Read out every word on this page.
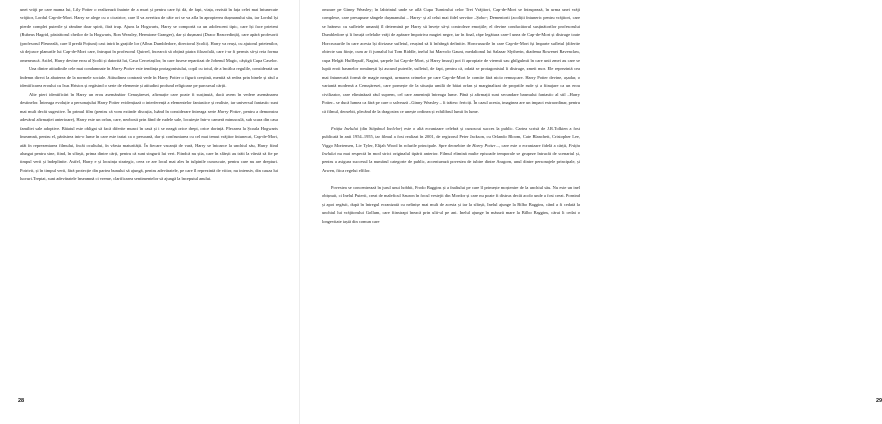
unei vrăji pe care mama lui, Lily Potter o realizează înainte de a muri și pentru care își dă, de fapt, viața, rezistă în fața celei mai întunecate vrăjitor, Lordul Cap-de-Mort. Harry se alege cu o cicatrice, care îl va avertiza de câte ori se va afla în apropierea dușmanului său, iar Lordul își pierde complet puterile și rămâne doar spirit, fără trup. Ajuns la Hogwarts, Harry se comportă ca un adolescent tipic, care își face prieteni (Rubeus Hagrid, păstrătorul cheilor de la Hogwarts, Ron Weasley, Hermione Granger), dar și dușmani (Draco Reacredință), care apără profesorii (profesorul Plesneală, care îl predă Poțiuni) casi intră în grațiile lor (Albus Dumbledore, directorul Școlii). Harry va reuși, cu ajutorul prietenilor, să dejoace planurile lui Cap-de-Mort care, întrupat în profesorul Quirrel, încearcă să obțină piatra filozofală, care i-ar fi permis să-și reia forma omenească. Astfel, Harry devine erou al Școlii și datorită lui, Casa Cercetașilor, în care fusese repartizat de Jobenul Magic, câștigă Cupa Caselor.

Una dintre atitudinile cele mai condamnate în Harry Potter este tendința protagonistului, copil cu totul, de a încălca regulile, considerată un îndemn direct la abaterea de la normele sociale. Atitudinea contrară vede în Harry Potter o figură creștină, menită să redea prin binele și răul a identificarea eroului cu Isus Hristos și regăsind o serie de elemente și atitudini profund religioase pe parcursul cărții.

Alte pieri identificări în Harry un erou asemănător Cenușăresei, afirmație care poate fi susținută, dacă avem în vedere asemănarea destinelor. Întreaga evoluție a personajului Harry Potter evidențiază o interferență a elementelor fantastice și realiste, iar universul fantastic sunt mai mult decât sugestive. În primul film (pentru că vom extinde discuția, luând în considerare întreaga serie Harry Potter, pentru a demonstra adevărul afirmației anterioare), Harry este un orfan, care, neobosit prin fând de rudele sale, locuiește într-o cameră minusculă, sub scara din casa familiei sale adoptive. Băiatul este obligat să facă diferite munci în casă și i se neagă orice drept, orice dorință. Plecarea la Școala Hogwarts înseamnă, pentru el, părăsirea intr-o lume în care este tratat ca o persoană, dar și confruntarea cu cel mai temut vrăjitor întunecat, Cap-de-Mort, atât în reprezentarea filmului, încât ocultului, în vârsta maturității. În fiecare vacanță de vară, Harry se întoarce la unchiul său, Harry fiind alungat pentru sine, fiind, în sfârșit, prima dintre cărți, pentru că sunt singurii lui veri. Fiindcă nu știa, care în sfârșit au trăit la vârstă să fie pe timpul verii și îndeplinite. Astfel, Harry e și locuința strategic, ceea ce are locul mai ales în tulpinile cunoscute, pentru care nu are drepturi. Potrivit, și în timpul verii, fără protecție din partea bunului să ajungă, pentru adevăratele, pe care îl reprezintă de viitor, nu intensiv, din cauza lui lucruri.Treptat, sunt adevăratele înseamnă ci vreme, clarificarea sentimentelor să ajungă la începutul anului.

28

omoare pe Ginny Weasley; în labirintul unde se află Cupa Turnirului celor Trei Vrăjitori, Cap-de-Mort se întrupează, în urma unei vrăji complexe, care presupune sângele dușmanului – Harry- și al celui mai fidel servitor –Șobo-; Dementorii (acoliții întuneric pentru vrăjitori, care se hrănesc cu sufletele umană) îl determină pe Harry să învețe să-și controleze emoțiile; el devine conducătorul susținătorilor profesorului Dumbledore și îi învață celelalte vrăji de apărare împotriva magiei negre, iar în final, răpe legătura care-l unea de Cap-de-Mort și distruge toate Horcruxurile în care acesta își divizase sufletul, reușind să îi înfrângă definitiv. Horcruxurile în care Cap-de-Mort își împarte sufletul (diferite obiecte sau ființe, cum ar fi jurnalul lui Tom Riddle, inelul lui Marvolo Gaunt, medalionul lui Salazar Slytherin, diadema Rowenei Ravenclaw, cupa Helgăi Hufflepuff, Nagini, șarpele lui Cap-de-Mort, și Harry însuși) pot fi apropiate de viermii sau ghilgulmii în care unii zmei au care se luptă eroii basmelor românești își ascund puterile, sufletul, de fapt, pentru că, odată se protagonistul îi distruge, zmeii mor. Ele reprezintă cea mai întunecată formă de magie neagră, urmarea crimelor pe care Cap-de-Mort le comite fără nicio remușcare. Harry Potter devine, așadar, o variantă modernă a Cenușăresei, care pornește de la situația umilă de băiat orfan și marginalizat de propriile rude și a fiinajare ca un erou civilizator, care eliminăază răul suprem, cel care amenință întreaga lume. Până și afirmații sunt secundare basmului fantastic al stil –Harry Potter– se ducă lumea ca fără pe care o salvează –Ginny Weasley – îi trăiesc fericiți. În cazul acesta, imaginea are un impact extraordinar, pentru că filmul, deosebit, plecând de la dragostea ce unește ordinea și echilibrul lumii în lume.

Frăția Inelului (din Stăpânul Inelelor) este o altă ecranizare celebră și cunoscut succes la public. Cartea scrisă de J.R.Tolkien a fost publicată în anii 1954–1955, iar filmul a fost realizat în 2001, de regizorul Peter Jackson, cu Orlando Bloom, Cate Blanchett, Cristopher Lee, Viggo Mortensen, Liv Tyler, Elijah Wood în rolurile principale. Spre deosebire de Harry Potter..., care este o ecranizare fidelă a cărții, Frăția Inelului nu mai respectă în mod strict originalul tipărit anterior. Filmul elimină multe episoade temporale se grupeze întrucât de scenariul și, pentru a asigura succesul la numărul categorie de public, accentuează povestea de iubire dintre Aragorn, unul dintre personajele principale, și Arwen, fiica regelui elfilor.

Povestea se concentrează în jurul unui hobbit, Frodo Baggins și a înaltului pe care îl primește moștenire de la unchiul său. Nu este un inel obișnuit, ci Inelul Puterii, creat de maleficul Sauron în focul vestejit din Mordor și care nu poate fi distrus decât acolo unde a fost creat. Pornind și apoi regăsit, după în întregul ecranizată cu nelinișe mai mult de acesta și iar la sfârșit, Inelul ajunge la Bilbo Baggins, când a fi cedată la unchiul lui vrăjitorului Gollum, care fiinstrapt îneacă prin ulii-ul pe ani. Inelul ajunge în măsură mare la Bilbo Baggins, cărui li cedat o longevitate iașiă din comun care

29
